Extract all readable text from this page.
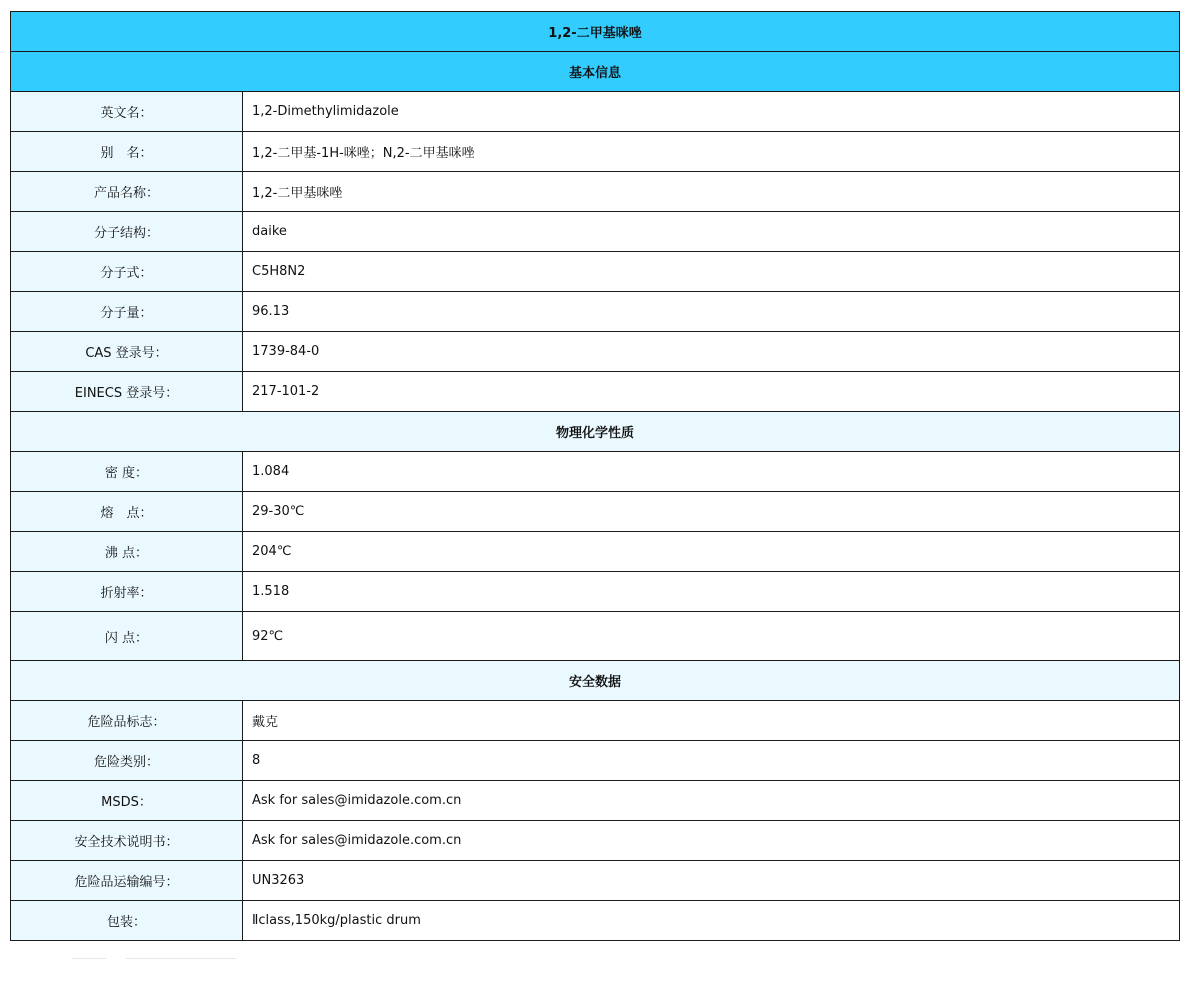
1,2-二甲基咪唑	
基本信息	
英文名：	1,2-Dimethylimidazole
别　名：	1,2-二甲基-1H-咪唑；N,2-二甲基咪唑
产品名称：	1,2-二甲基咪唑
分子结构：	daike
分子式：	C5H8N2
分子量：	96.13
CAS 登录号：	1739-84-0
EINECS 登录号：	217-101-2
物理化学性质	
密 度：	1.084
熔　点：	29-30℃
沸 点：	204℃
折射率：	1.518
闪 点：	92℃
安全数据	
危险品标志：	戴克
危险类别：	8
MSDS：	Ask for sales@imidazole.com.cn
安全技术说明书：	Ask for sales@imidazole.com.cn
危险品运输编号：	UN3263
包装：	Ⅱclass,150kg/plastic drum
